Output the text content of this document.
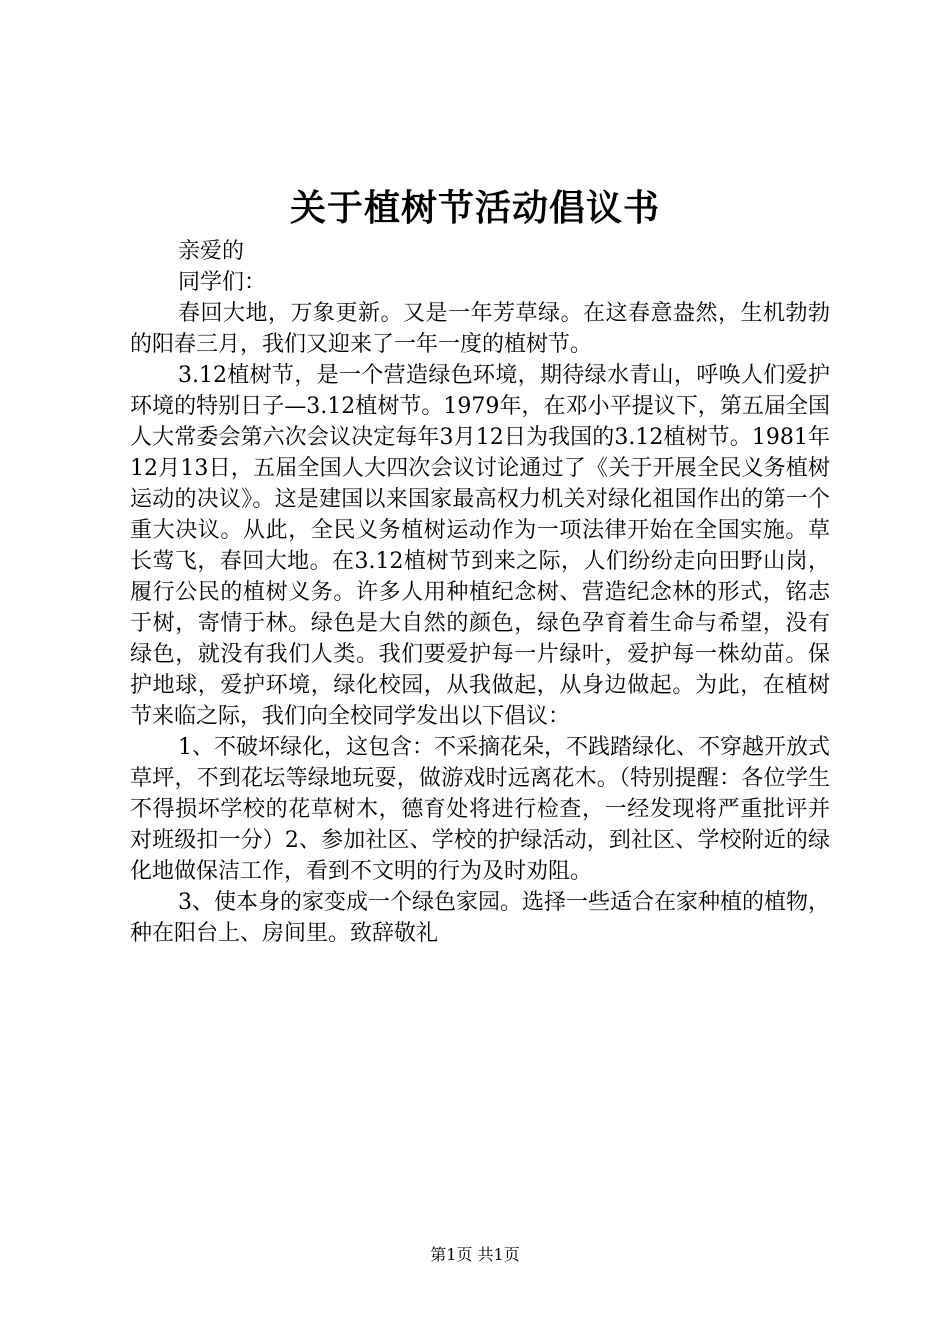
关于植树节活动倡议书

亲爱的

同学们：

春回大地，万象更新。又是一年芳草绿。在这春意盎然，生机勃勃的阳春三月，我们又迎来了一年一度的植树节。

3.12植树节，是一个营造绿色环境，期待绿水青山，呼唤人们爱护环境的特别日子—3.12植树节。1979年，在邓小平提议下，第五届全国人大常委会第六次会议决定每年3月12日为我国的3.12植树节。1981年12月13日，五届全国人大四次会议讨论通过了《关于开展全民义务植树运动的决议》。这是建国以来国家最高权力机关对绿化祖国作出的第一个重大决议。从此，全民义务植树运动作为一项法律开始在全国实施。草长莺飞，春回大地。在3.12植树节到来之际，人们纷纷走向田野山岗，履行公民的植树义务。许多人用种植纪念树、营造纪念林的形式，铭志于树，寄情于林。绿色是大自然的颜色，绿色孕育着生命与希望，没有绿色，就没有我们人类。我们要爱护每一片绿叶，爱护每一株幼苗。保护地球，爱护环境，绿化校园，从我做起，从身边做起。为此，在植树节来临之际，我们向全校同学发出以下倡议：

1、不破坏绿化，这包含：不采摘花朵，不践踏绿化、不穿越开放式草坪，不到花坛等绿地玩耍，做游戏时远离花木。（特别提醒：各位学生不得损坏学校的花草树木，德育处将进行检查，一经发现将严重批评并对班级扣一分）2、参加社区、学校的护绿活动，到社区、学校附近的绿化地做保洁工作，看到不文明的行为及时劝阻。

3、使本身的家变成一个绿色家园。选择一些适合在家种植的植物，种在阳台上、房间里。致辞敬礼

第1页 共1页
